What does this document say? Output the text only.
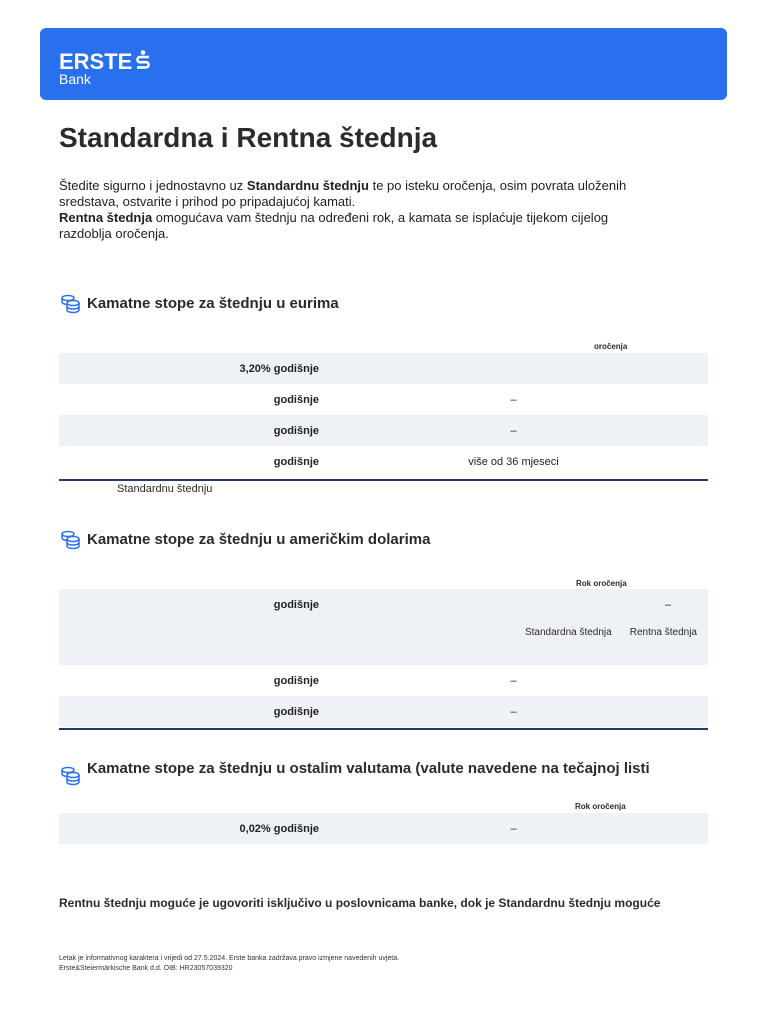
ERSTE
Bank
Standardna i Rentna štednja

Štedite sigurno i jednostavno uz Standardnu štednju te po isteku oročenja, osim povrata uloženih sredstava, ostvarite i prihod po pripadajućoj kamati.

Rentna štednja omogućava vam štednju na određeni rok, a kamata se isplaćuje tijekom cijelog razdoblja oročenja.

Kamatne stope za štednju u eurima
oročenja
3,20% godišnje	
godišnje	–
godišnje	–
godišnje	više od 36 mjeseci
Standardnu štednju
Kamatne stope za štednju u američkim dolarima
Rok oročenja
godišnje	–
Standardna štednja Rentna štednja

godišnje	–
godišnje	–
Kamatne stope za štednju u ostalim valutama (valute navedene na tečajnoj listi
Rok oročenja
0,02% godišnje	–
Rentnu štednju moguće je ugovoriti isključivo u poslovnicama banke, dok je Standardnu štednju moguće
Letak je informativnog karaktera i vrijedi od 27.5.2024. Erste banka zadržava pravo izmjene navedenih uvjeta.
Erste&Steiermärkische Bank d.d. OIB: HR23057039320
